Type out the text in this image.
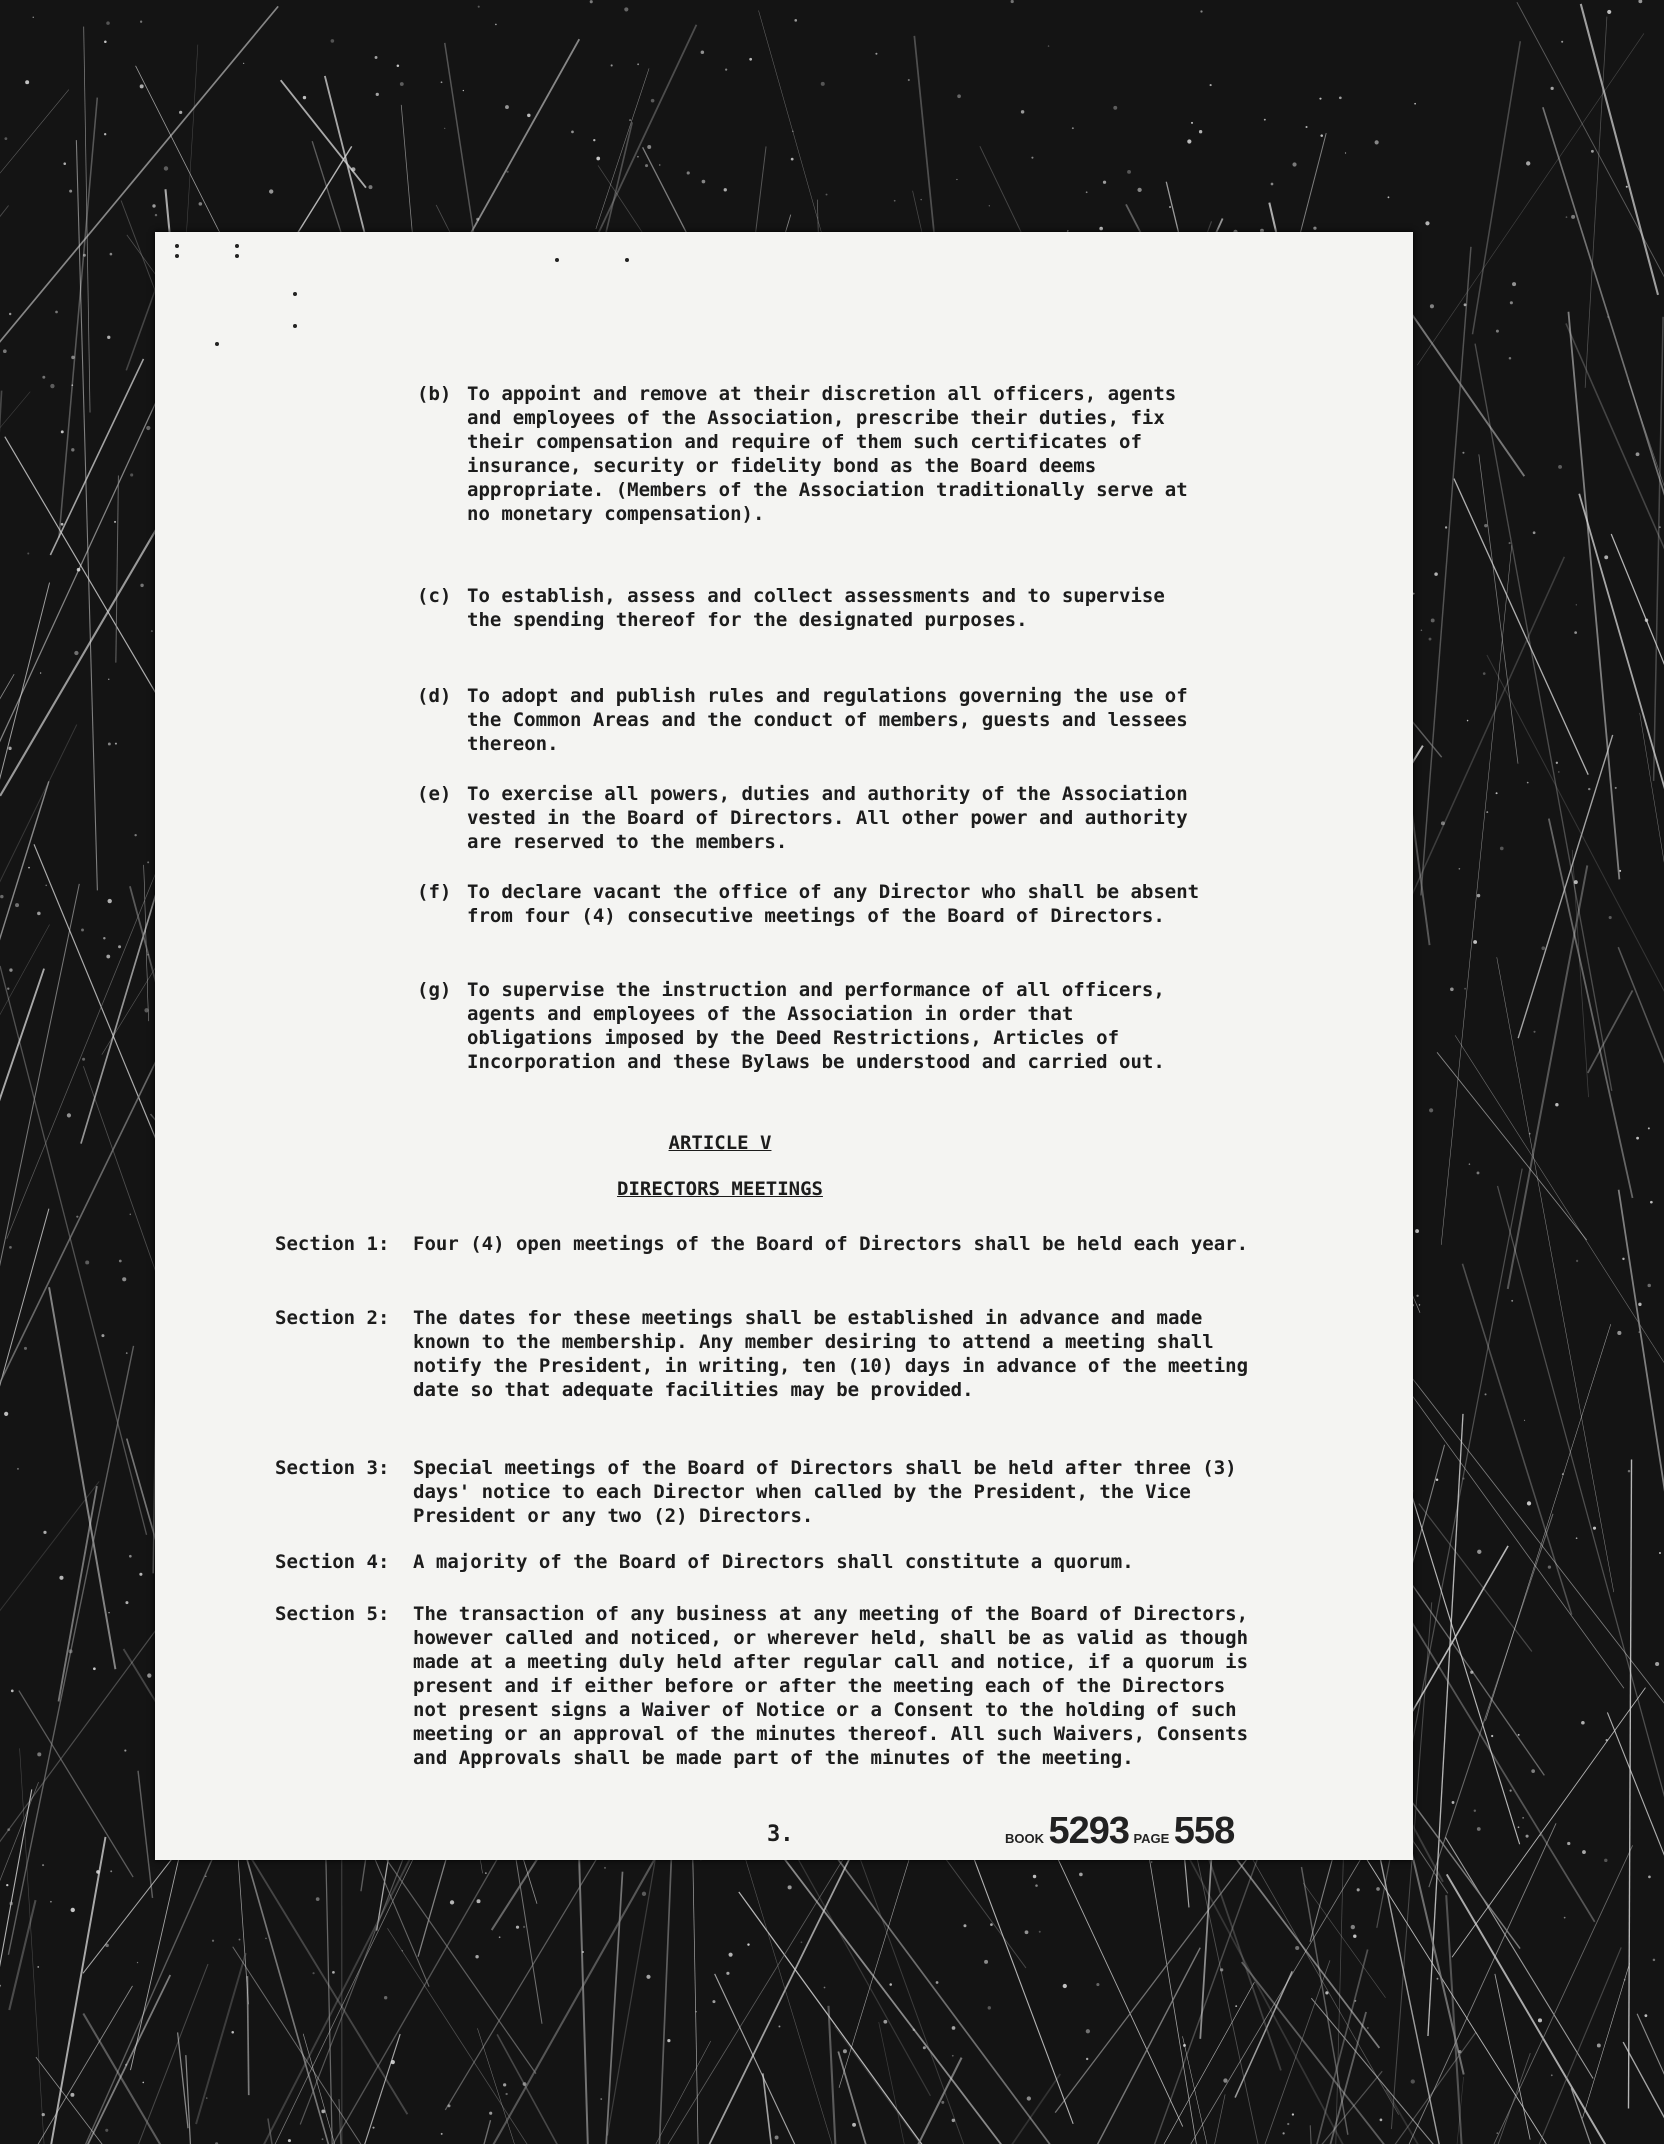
(b) To appoint and remove at their discretion all officers, agents and employees of the Association, prescribe their duties, fix their compensation and require of them such certificates of insurance, security or fidelity bond as the Board deems appropriate. (Members of the Association traditionally serve at no monetary compensation).
(c) To establish, assess and collect assessments and to supervise the spending thereof for the designated purposes.
(d) To adopt and publish rules and regulations governing the use of the Common Areas and the conduct of members, guests and lessees thereon.
(e) To exercise all powers, duties and authority of the Association vested in the Board of Directors. All other power and authority are reserved to the members.
(f) To declare vacant the office of any Director who shall be absent from four (4) consecutive meetings of the Board of Directors.
(g) To supervise the instruction and performance of all officers, agents and employees of the Association in order that obligations imposed by the Deed Restrictions, Articles of Incorporation and these Bylaws be understood and carried out.
ARTICLE V
DIRECTORS MEETINGS
Section 1: Four (4) open meetings of the Board of Directors shall be held each year.
Section 2: The dates for these meetings shall be established in advance and made known to the membership. Any member desiring to attend a meeting shall notify the President, in writing, ten (10) days in advance of the meeting date so that adequate facilities may be provided.
Section 3: Special meetings of the Board of Directors shall be held after three (3) days' notice to each Director when called by the President, the Vice President or any two (2) Directors.
Section 4: A majority of the Board of Directors shall constitute a quorum.
Section 5: The transaction of any business at any meeting of the Board of Directors, however called and noticed, or wherever held, shall be as valid as though made at a meeting duly held after regular call and notice, if a quorum is present and if either before or after the meeting each of the Directors not present signs a Waiver of Notice or a Consent to the holding of such meeting or an approval of the minutes thereof. All such Waivers, Consents and Approvals shall be made part of the minutes of the meeting.
3.	BOOK 5293 PAGE 558
